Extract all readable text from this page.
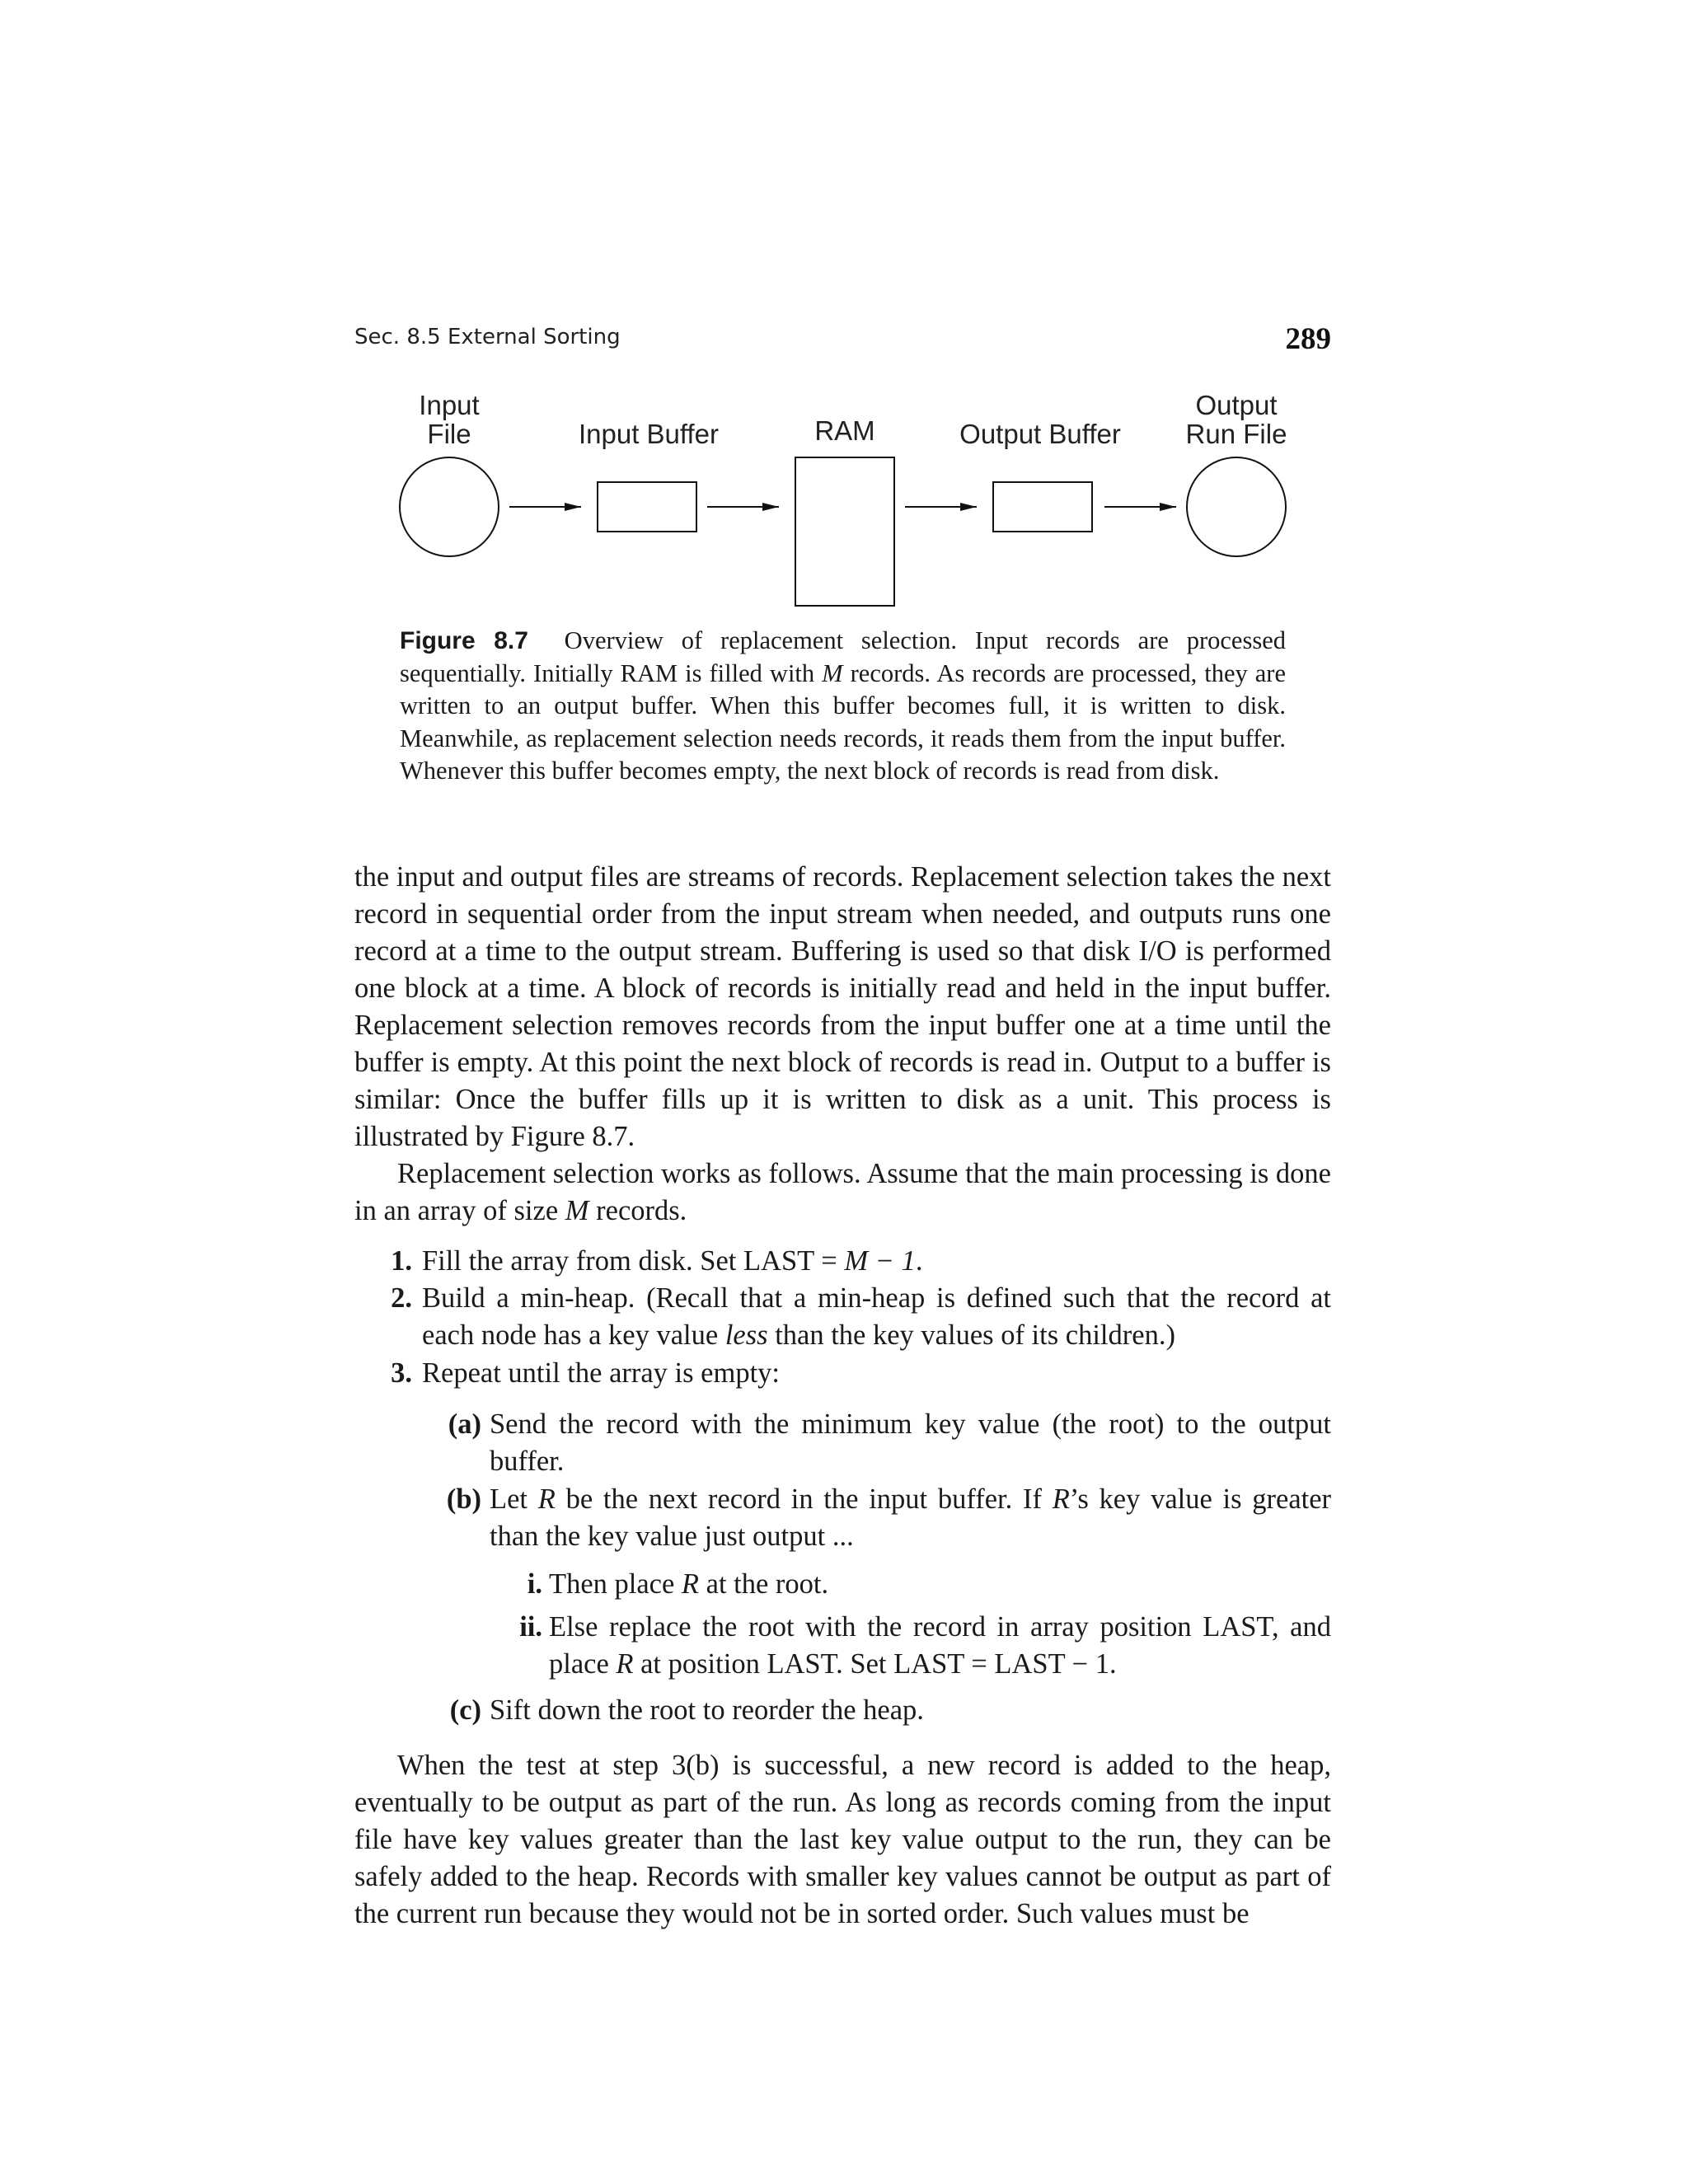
Sec. 8.5 External Sorting	289
Input
File	Input Buffer	RAM	Output Buffer
Output
Run File
Figure 8.7 Overview of replacement selection. Input records are processed sequentially. Initially RAM is filled with M records. As records are processed, they are written to an output buffer. When this buffer becomes full, it is written to disk. Meanwhile, as replacement selection needs records, it reads them from the input buffer. Whenever this buffer becomes empty, the next block of records is read from disk.

the input and output files are streams of records. Replacement selection takes the next record in sequential order from the input stream when needed, and outputs runs one record at a time to the output stream. Buffering is used so that disk I/O is performed one block at a time. A block of records is initially read and held in the input buffer. Replacement selection removes records from the input buffer one at a time until the buffer is empty. At this point the next block of records is read in. Output to a buffer is similar: Once the buffer fills up it is written to disk as a unit. This process is illustrated by Figure 8.7.

Replacement selection works as follows. Assume that the main processing is done in an array of size M records.

1. Fill the array from disk. Set LAST = M − 1.
2. Build a min-heap. (Recall that a min-heap is defined such that the record at each node has a key value less than the key values of its children.)
3. Repeat until the array is empty:
(a) Send the record with the minimum key value (the root) to the output buffer.
(b) Let R be the next record in the input buffer. If R’s key value is greater than the key value just output ...
i. Then place R at the root.
ii. Else replace the root with the record in array position LAST, and place R at position LAST. Set LAST = LAST − 1.
(c) Sift down the root to reorder the heap.

When the test at step 3(b) is successful, a new record is added to the heap, eventually to be output as part of the run. As long as records coming from the input file have key values greater than the last key value output to the run, they can be safely added to the heap. Records with smaller key values cannot be output as part of the current run because they would not be in sorted order. Such values must be
